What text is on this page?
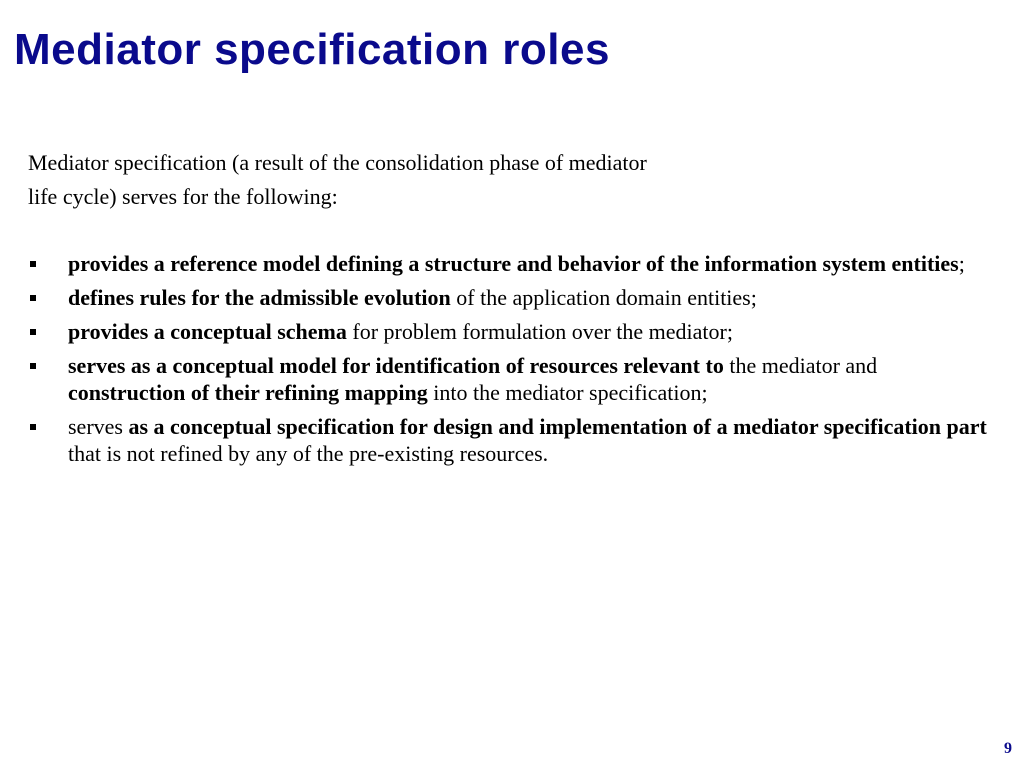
Mediator specification roles
Mediator specification (a result of the consolidation phase of mediator
life cycle) serves for the following:
provides a reference model defining a structure and behavior of the information system entities;
defines rules for the admissible evolution of the application domain entities;
provides a conceptual schema for problem formulation over the mediator;
serves as a conceptual model for identification of resources relevant to the mediator and construction of their refining mapping into the mediator specification;
serves as a conceptual specification for design and implementation of a mediator specification part that is not refined by any of the pre-existing resources.
9
